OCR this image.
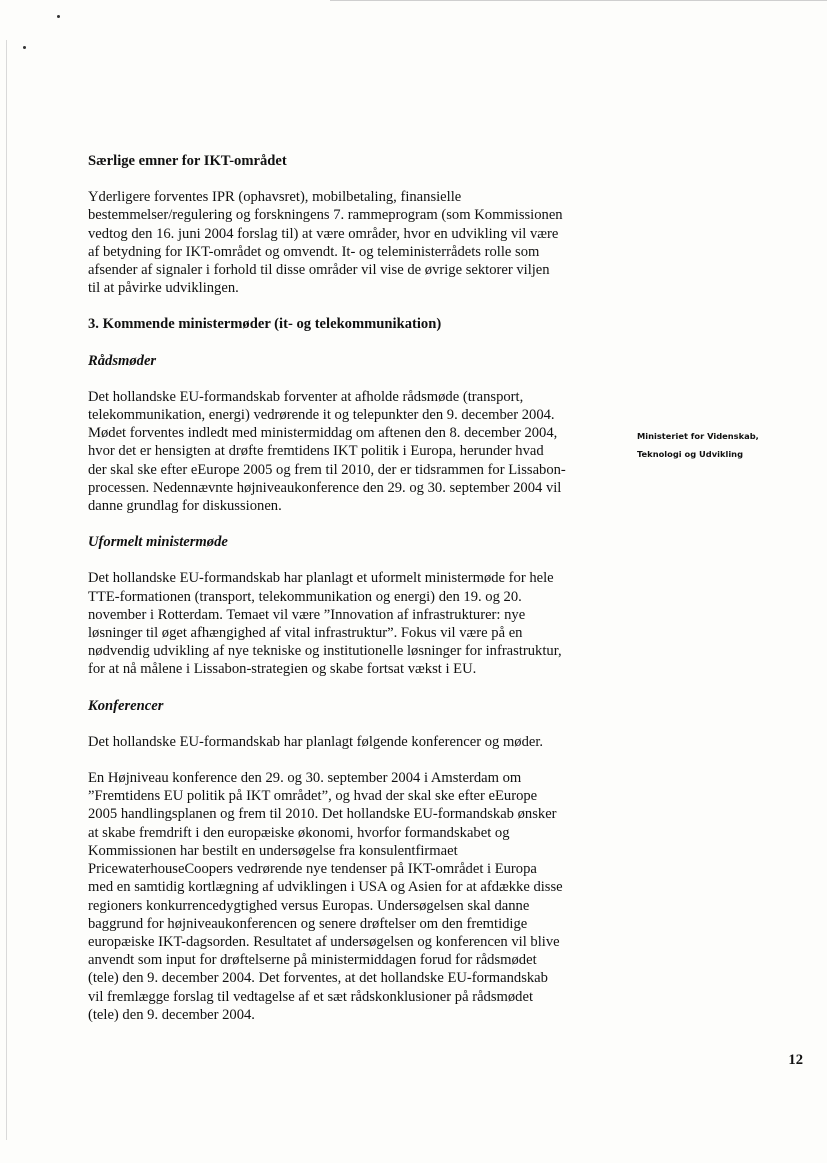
Særlige emner for IKT-området

Yderligere forventes IPR (ophavsret), mobilbetaling, finansielle
bestemmelser/regulering og forskningens 7. rammeprogram (som Kommissionen
vedtog den 16. juni 2004 forslag til) at være områder, hvor en udvikling vil være
af betydning for IKT-området og omvendt. It- og teleministerrådets rolle som
afsender af signaler i forhold til disse områder vil vise de øvrige sektorer viljen
til at påvirke udviklingen.

3. Kommende ministermøder (it- og telekommunikation)
Rådsmøder

Det hollandske EU-formandskab forventer at afholde rådsmøde (transport,
telekommunikation, energi) vedrørende it og telepunkter den 9. december 2004.
Mødet forventes indledt med ministermiddag om aftenen den 8. december 2004,
hvor det er hensigten at drøfte fremtidens IKT politik i Europa, herunder hvad
der skal ske efter eEurope 2005 og frem til 2010, der er tidsrammen for Lissabon-
processen. Nedennævnte højniveaukonference den 29. og 30. september 2004 vil
danne grundlag for diskussionen.

Uformelt ministermøde

Det hollandske EU-formandskab har planlagt et uformelt ministermøde for hele
TTE-formationen (transport, telekommunikation og energi) den 19. og 20.
november i Rotterdam. Temaet vil være ”Innovation af infrastrukturer: nye
løsninger til øget afhængighed af vital infrastruktur”. Fokus vil være på en
nødvendig udvikling af nye tekniske og institutionelle løsninger for infrastruktur,
for at nå målene i Lissabon-strategien og skabe fortsat vækst i EU.

Konferencer

Det hollandske EU-formandskab har planlagt følgende konferencer og møder.

En Højniveau konference den 29. og 30. september 2004 i Amsterdam om
”Fremtidens EU politik på IKT området”, og hvad der skal ske efter eEurope
2005 handlingsplanen og frem til 2010. Det hollandske EU-formandskab ønsker
at skabe fremdrift i den europæiske økonomi, hvorfor formandskabet og
Kommissionen har bestilt en undersøgelse fra konsulentfirmaet
PricewaterhouseCoopers vedrørende nye tendenser på IKT-området i Europa
med en samtidig kortlægning af udviklingen i USA og Asien for at afdække disse
regioners konkurrencedygtighed versus Europas. Undersøgelsen skal danne
baggrund for højniveaukonferencen og senere drøftelser om den fremtidige
europæiske IKT-dagsorden. Resultatet af undersøgelsen og konferencen vil blive
anvendt som input for drøftelserne på ministermiddagen forud for rådsmødet
(tele) den 9. december 2004. Det forventes, at det hollandske EU-formandskab
vil fremlægge forslag til vedtagelse af et sæt rådskonklusioner på rådsmødet
(tele) den 9. december 2004.

Ministeriet for Videnskab,
Teknologi og Udvikling
12
